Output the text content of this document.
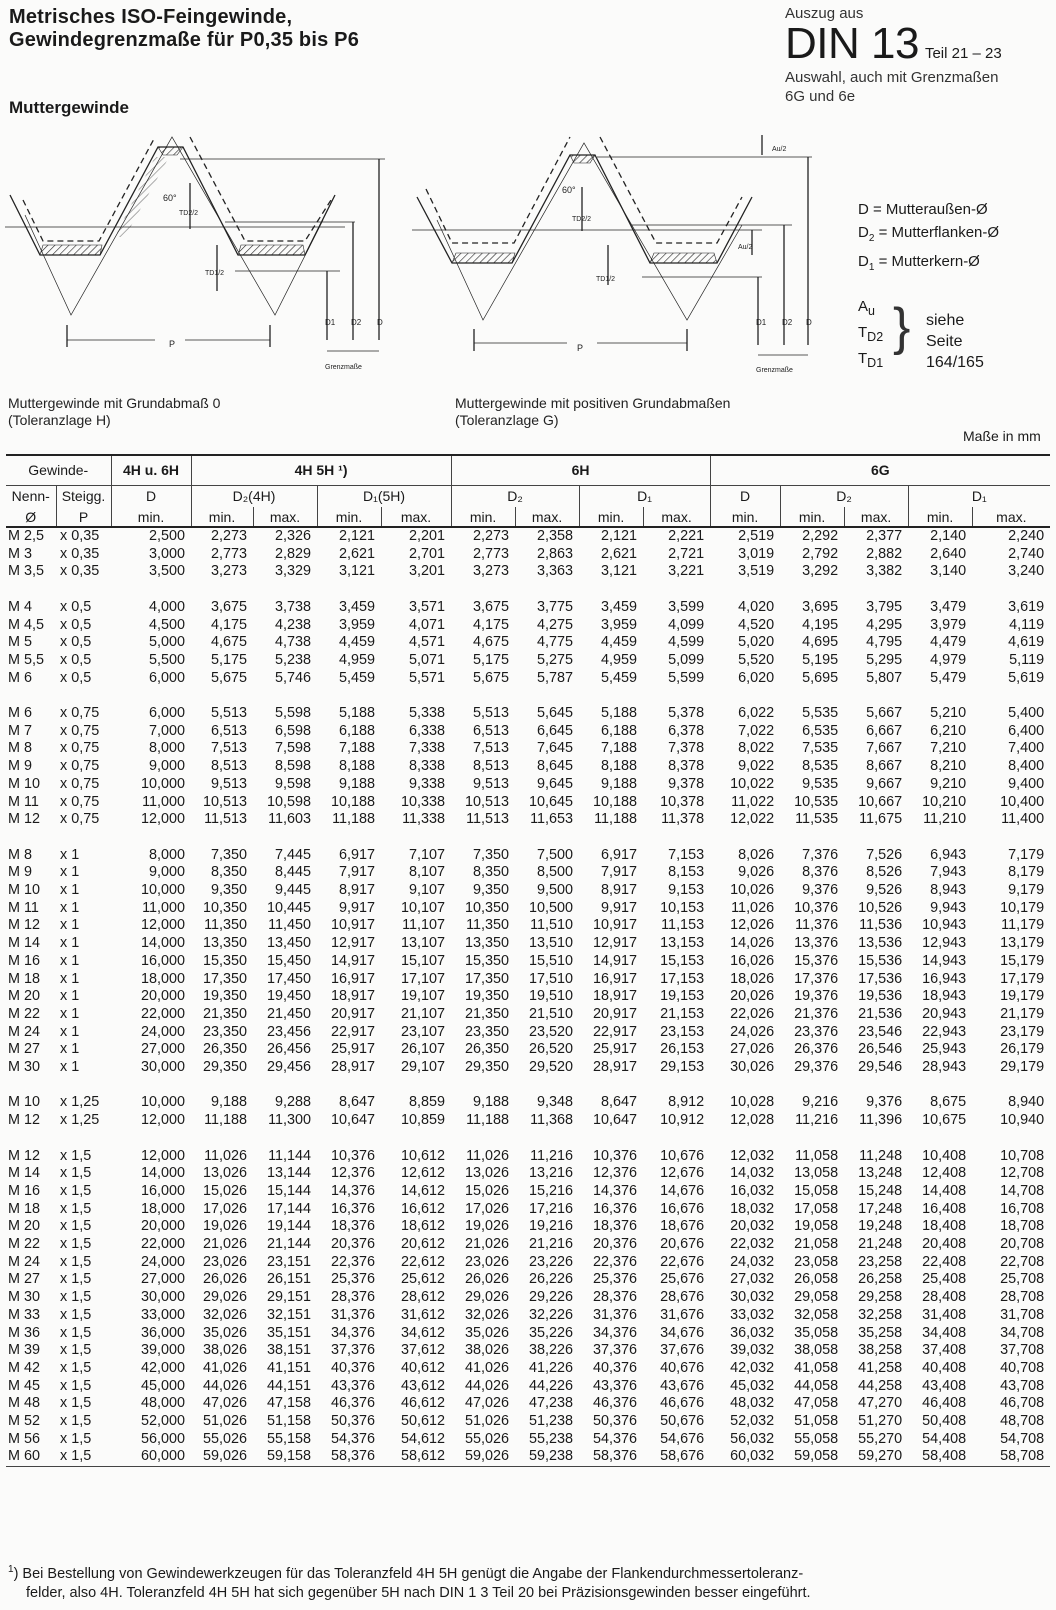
Metrisches ISO-Feingewinde,
Gewindegrenzmaße für P0,35 bis P6
Muttergewinde
Auszug aus
DIN 13 Teil 21 – 23
Auswahl, auch mit Grenzmaßen
6G und 6e
60°
P
Grenzmaße
D
D2
D1
TD2/2
TD1/2
60°
P
Grenzmaße
D
D2
D1
Au/2
Au/2
TD2/2
TD1/2
D = Mutteraußen-Ø
$D_2$ = Mutterflanken-Ø
$D_1$ = Mutterkern-Ø
$A_u$
$T_{D2}$
$T_{D1}$
} siehe
Seite 164/165
Muttergewinde mit Grundabmaß 0
(Toleranzlage H)
Muttergewinde mit positiven Grundabmaßen
(Toleranzlage G)
Maße in mm
Gewinde-		4H u. 6H	4H 5H ¹)				6H				6G				
Nenn-	Steigg.	D	D₂(4H)		D₁(5H)		D₂		D₁		D	D₂		D₁	
Ø	P	min.	min.	max.	min.	max.	min.	max.	min.	max.	min.	min.	max.	min.	max.
M 2,5	x 0,35	2,500	2,273	2,326	2,121	2,201	2,273	2,358	2,121	2,221	2,519	2,292	2,377	2,140	2,240
M 3	x 0,35	3,000	2,773	2,829	2,621	2,701	2,773	2,863	2,621	2,721	3,019	2,792	2,882	2,640	2,740
M 3,5	x 0,35	3,500	3,273	3,329	3,121	3,201	3,273	3,363	3,121	3,221	3,519	3,292	3,382	3,140	3,240

M 4	x 0,5	4,000	3,675	3,738	3,459	3,571	3,675	3,775	3,459	3,599	4,020	3,695	3,795	3,479	3,619
M 4,5	x 0,5	4,500	4,175	4,238	3,959	4,071	4,175	4,275	3,959	4,099	4,520	4,195	4,295	3,979	4,119
M 5	x 0,5	5,000	4,675	4,738	4,459	4,571	4,675	4,775	4,459	4,599	5,020	4,695	4,795	4,479	4,619
M 5,5	x 0,5	5,500	5,175	5,238	4,959	5,071	5,175	5,275	4,959	5,099	5,520	5,195	5,295	4,979	5,119
M 6	x 0,5	6,000	5,675	5,746	5,459	5,571	5,675	5,787	5,459	5,599	6,020	5,695	5,807	5,479	5,619

M 6	x 0,75	6,000	5,513	5,598	5,188	5,338	5,513	5,645	5,188	5,378	6,022	5,535	5,667	5,210	5,400
M 7	x 0,75	7,000	6,513	6,598	6,188	6,338	6,513	6,645	6,188	6,378	7,022	6,535	6,667	6,210	6,400
M 8	x 0,75	8,000	7,513	7,598	7,188	7,338	7,513	7,645	7,188	7,378	8,022	7,535	7,667	7,210	7,400
M 9	x 0,75	9,000	8,513	8,598	8,188	8,338	8,513	8,645	8,188	8,378	9,022	8,535	8,667	8,210	8,400
M 10	x 0,75	10,000	9,513	9,598	9,188	9,338	9,513	9,645	9,188	9,378	10,022	9,535	9,667	9,210	9,400
M 11	x 0,75	11,000	10,513	10,598	10,188	10,338	10,513	10,645	10,188	10,378	11,022	10,535	10,667	10,210	10,400
M 12	x 0,75	12,000	11,513	11,603	11,188	11,338	11,513	11,653	11,188	11,378	12,022	11,535	11,675	11,210	11,400

M 8	x 1	8,000	7,350	7,445	6,917	7,107	7,350	7,500	6,917	7,153	8,026	7,376	7,526	6,943	7,179
M 9	x 1	9,000	8,350	8,445	7,917	8,107	8,350	8,500	7,917	8,153	9,026	8,376	8,526	7,943	8,179
M 10	x 1	10,000	9,350	9,445	8,917	9,107	9,350	9,500	8,917	9,153	10,026	9,376	9,526	8,943	9,179
M 11	x 1	11,000	10,350	10,445	9,917	10,107	10,350	10,500	9,917	10,153	11,026	10,376	10,526	9,943	10,179
M 12	x 1	12,000	11,350	11,450	10,917	11,107	11,350	11,510	10,917	11,153	12,026	11,376	11,536	10,943	11,179
M 14	x 1	14,000	13,350	13,450	12,917	13,107	13,350	13,510	12,917	13,153	14,026	13,376	13,536	12,943	13,179
M 16	x 1	16,000	15,350	15,450	14,917	15,107	15,350	15,510	14,917	15,153	16,026	15,376	15,536	14,943	15,179
M 18	x 1	18,000	17,350	17,450	16,917	17,107	17,350	17,510	16,917	17,153	18,026	17,376	17,536	16,943	17,179
M 20	x 1	20,000	19,350	19,450	18,917	19,107	19,350	19,510	18,917	19,153	20,026	19,376	19,536	18,943	19,179
M 22	x 1	22,000	21,350	21,450	20,917	21,107	21,350	21,510	20,917	21,153	22,026	21,376	21,536	20,943	21,179
M 24	x 1	24,000	23,350	23,456	22,917	23,107	23,350	23,520	22,917	23,153	24,026	23,376	23,546	22,943	23,179
M 27	x 1	27,000	26,350	26,456	25,917	26,107	26,350	26,520	25,917	26,153	27,026	26,376	26,546	25,943	26,179
M 30	x 1	30,000	29,350	29,456	28,917	29,107	29,350	29,520	28,917	29,153	30,026	29,376	29,546	28,943	29,179

M 10	x 1,25	10,000	9,188	9,288	8,647	8,859	9,188	9,348	8,647	8,912	10,028	9,216	9,376	8,675	8,940
M 12	x 1,25	12,000	11,188	11,300	10,647	10,859	11,188	11,368	10,647	10,912	12,028	11,216	11,396	10,675	10,940

M 12	x 1,5	12,000	11,026	11,144	10,376	10,612	11,026	11,216	10,376	10,676	12,032	11,058	11,248	10,408	10,708
M 14	x 1,5	14,000	13,026	13,144	12,376	12,612	13,026	13,216	12,376	12,676	14,032	13,058	13,248	12,408	12,708
M 16	x 1,5	16,000	15,026	15,144	14,376	14,612	15,026	15,216	14,376	14,676	16,032	15,058	15,248	14,408	14,708
M 18	x 1,5	18,000	17,026	17,144	16,376	16,612	17,026	17,216	16,376	16,676	18,032	17,058	17,248	16,408	16,708
M 20	x 1,5	20,000	19,026	19,144	18,376	18,612	19,026	19,216	18,376	18,676	20,032	19,058	19,248	18,408	18,708
M 22	x 1,5	22,000	21,026	21,144	20,376	20,612	21,026	21,216	20,376	20,676	22,032	21,058	21,248	20,408	20,708
M 24	x 1,5	24,000	23,026	23,151	22,376	22,612	23,026	23,226	22,376	22,676	24,032	23,058	23,258	22,408	22,708
M 27	x 1,5	27,000	26,026	26,151	25,376	25,612	26,026	26,226	25,376	25,676	27,032	26,058	26,258	25,408	25,708
M 30	x 1,5	30,000	29,026	29,151	28,376	28,612	29,026	29,226	28,376	28,676	30,032	29,058	29,258	28,408	28,708
M 33	x 1,5	33,000	32,026	32,151	31,376	31,612	32,026	32,226	31,376	31,676	33,032	32,058	32,258	31,408	31,708
M 36	x 1,5	36,000	35,026	35,151	34,376	34,612	35,026	35,226	34,376	34,676	36,032	35,058	35,258	34,408	34,708
M 39	x 1,5	39,000	38,026	38,151	37,376	37,612	38,026	38,226	37,376	37,676	39,032	38,058	38,258	37,408	37,708
M 42	x 1,5	42,000	41,026	41,151	40,376	40,612	41,026	41,226	40,376	40,676	42,032	41,058	41,258	40,408	40,708
M 45	x 1,5	45,000	44,026	44,151	43,376	43,612	44,026	44,226	43,376	43,676	45,032	44,058	44,258	43,408	43,708
M 48	x 1,5	48,000	47,026	47,158	46,376	46,612	47,026	47,238	46,376	46,676	48,032	47,058	47,270	46,408	46,708
M 52	x 1,5	52,000	51,026	51,158	50,376	50,612	51,026	51,238	50,376	50,676	52,032	51,058	51,270	50,408	48,708
M 56	x 1,5	56,000	55,026	55,158	54,376	54,612	55,026	55,238	54,376	54,676	56,032	55,058	55,270	54,408	54,708
M 60	x 1,5	60,000	59,026	59,158	58,376	58,612	59,026	59,238	58,376	58,676	60,032	59,058	59,270	58,408	58,708
$^1$) Bei Bestellung von Gewindewerkzeugen für das Toleranzfeld 4H 5H genügt die Angabe der Flankendurchmessertoleranz-
felder, also 4H. Toleranzfeld 4H 5H hat sich gegenüber 5H nach DIN 1 3 Teil 20 bei Präzisionsgewinden besser eingeführt.
